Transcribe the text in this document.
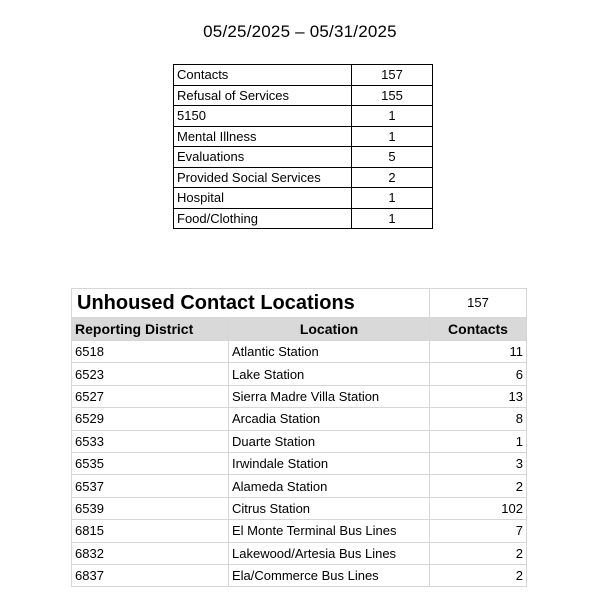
05/25/2025 – 05/31/2025
Contacts	157
Refusal of Services	155
5150	1
Mental Illness	1
Evaluations	5
Provided Social Services	2
Hospital	1
Food/Clothing	1
Unhoused Contact Locations		157
Reporting District	Location	Contacts
6518	Atlantic Station	11
6523	Lake Station	6
6527	Sierra Madre Villa Station	13
6529	Arcadia Station	8
6533	Duarte Station	1
6535	Irwindale Station	3
6537	Alameda Station	2
6539	Citrus Station	102
6815	El Monte Terminal Bus Lines	7
6832	Lakewood/Artesia Bus Lines	2
6837	Ela/Commerce Bus Lines	2
